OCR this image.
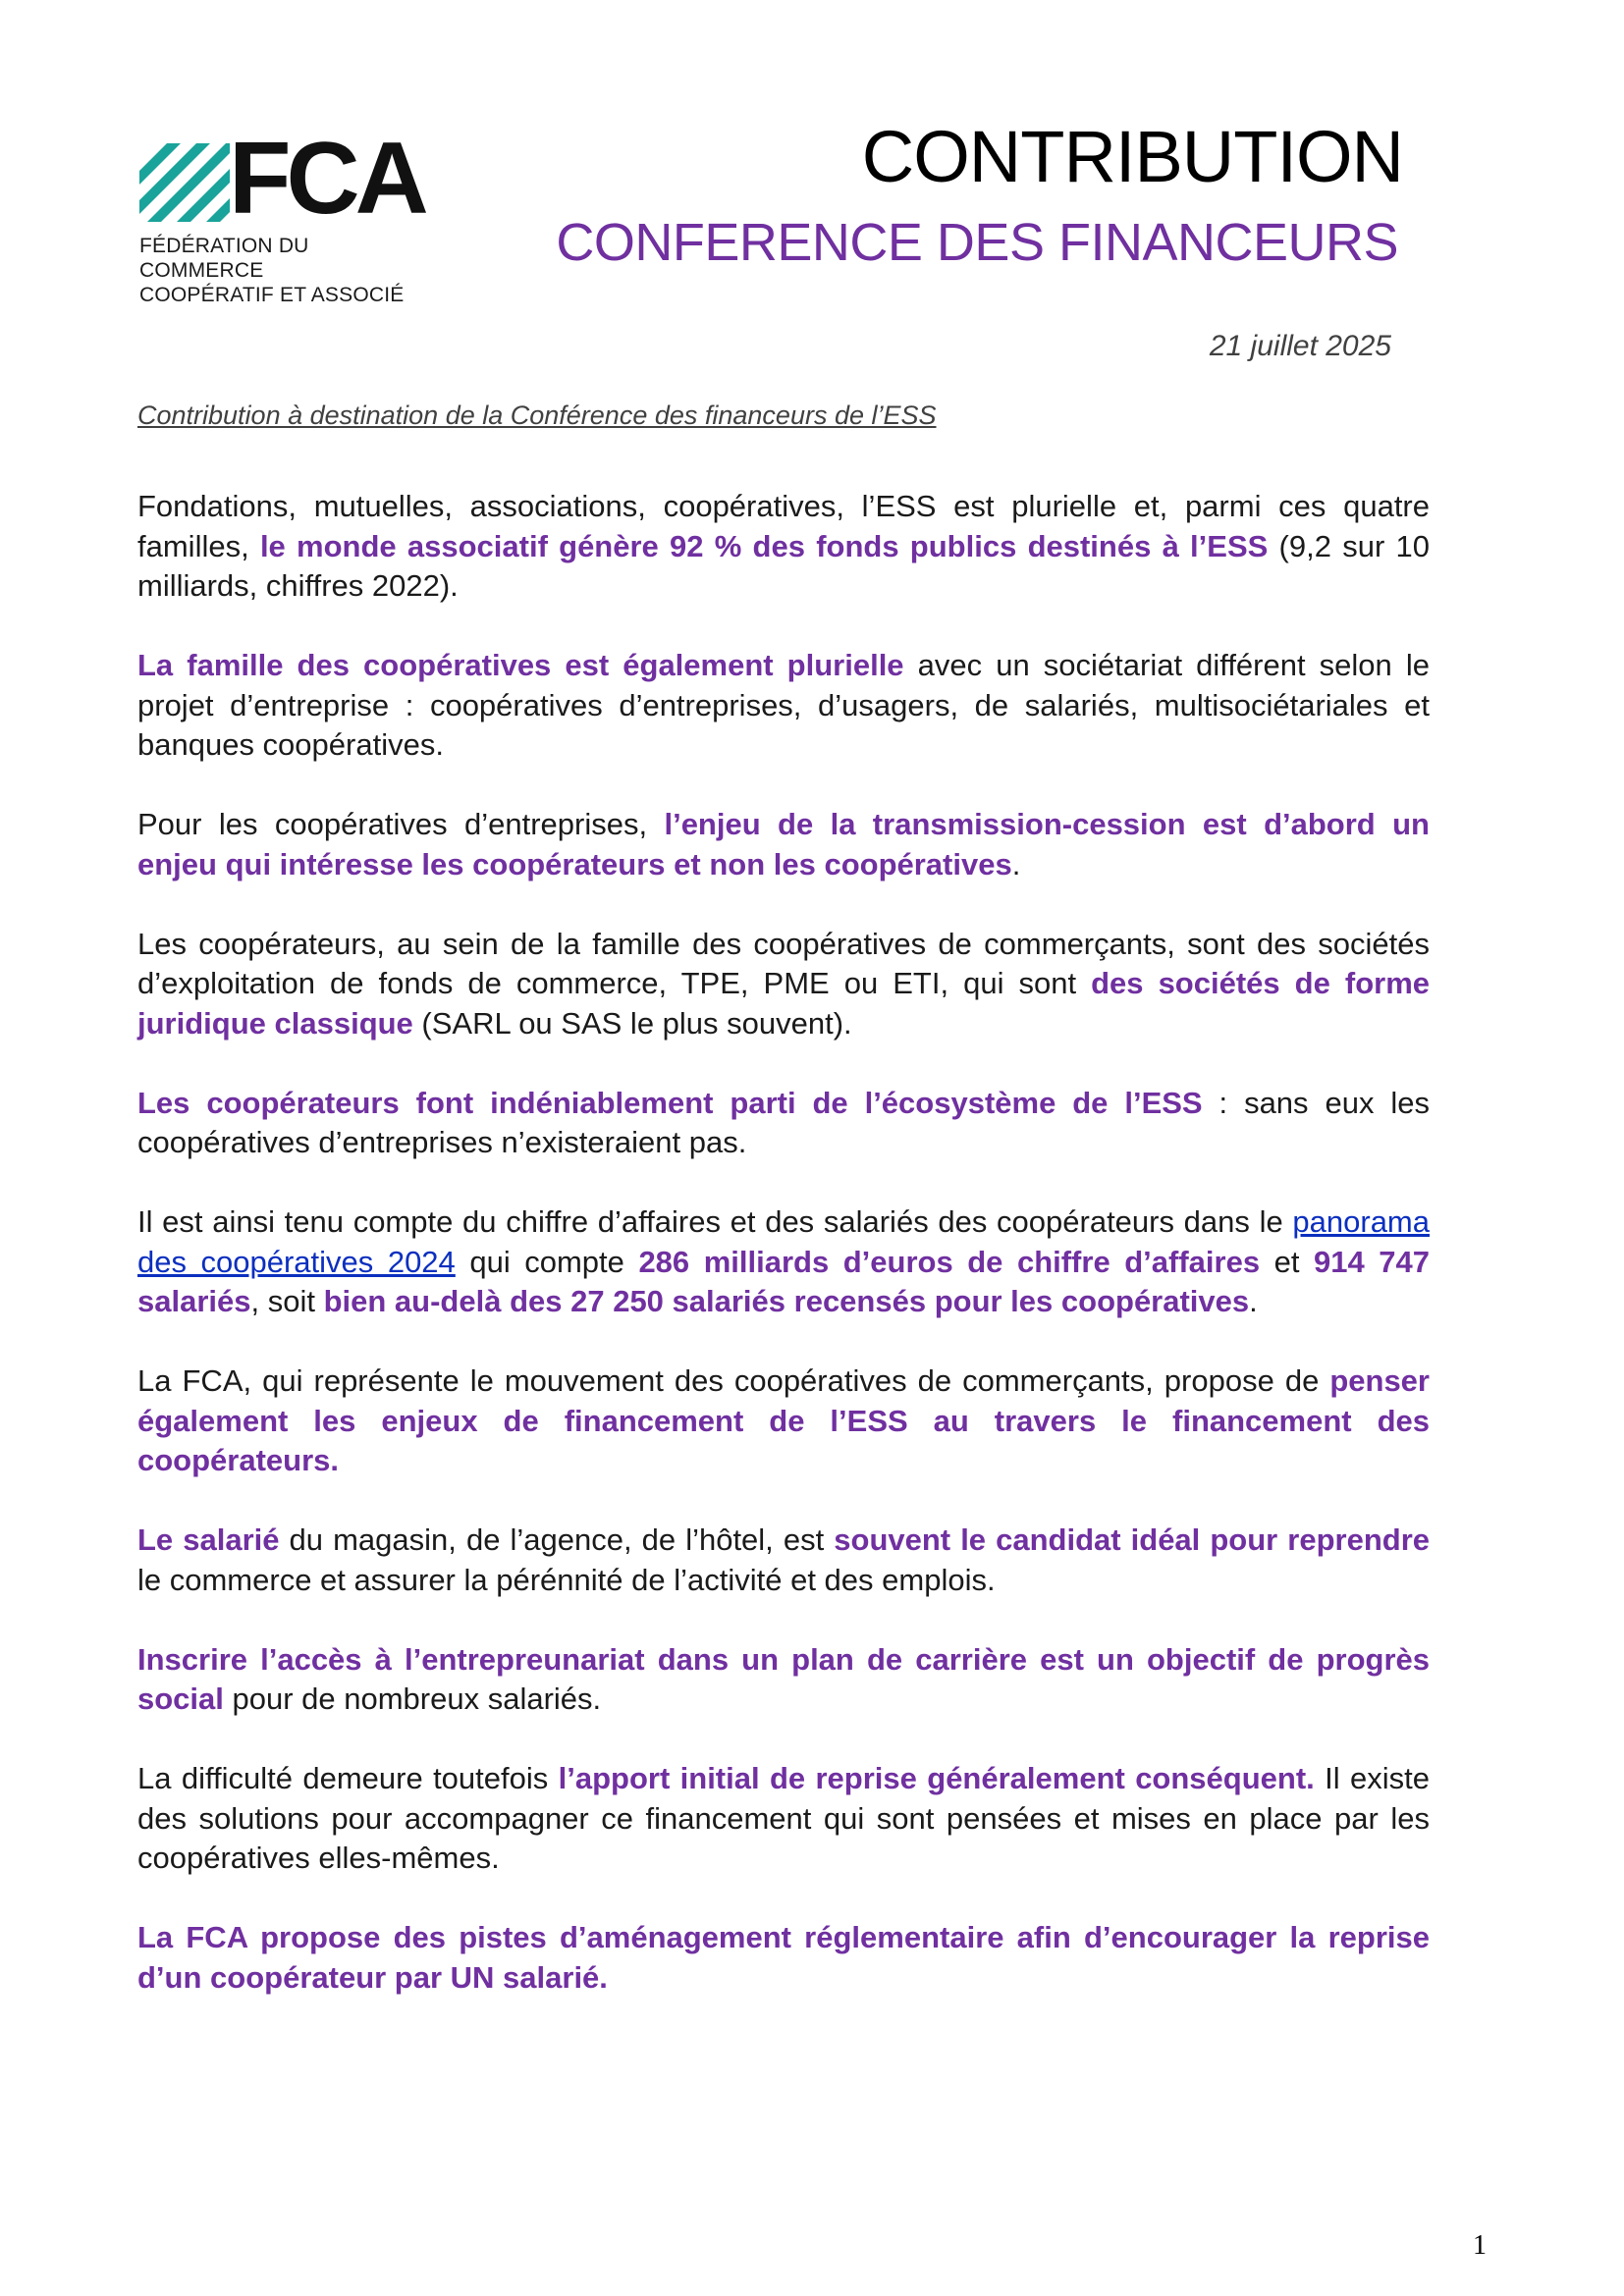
FCA
FÉDÉRATION DU COMMERCE
COOPÉRATIF ET ASSOCIÉ
CONTRIBUTION
CONFERENCE DES FINANCEURS
21 juillet 2025
Contribution à destination de la Conférence des financeurs de l’ESS

Fondations, mutuelles, associations, coopératives, l’ESS est plurielle et, parmi ces quatre familles, le monde associatif génère 92 % des fonds publics destinés à l’ESS (9,2 sur 10 milliards, chiffres 2022).

La famille des coopératives est également plurielle avec un sociétariat différent selon le projet d’entreprise : coopératives d’entreprises, d’usagers, de salariés, multisociétariales et banques coopératives.

Pour les coopératives d’entreprises, l’enjeu de la transmission-cession est d’abord un enjeu qui intéresse les coopérateurs et non les coopératives.

Les coopérateurs, au sein de la famille des coopératives de commerçants, sont des sociétés d’exploitation de fonds de commerce, TPE, PME ou ETI, qui sont des sociétés de forme juridique classique (SARL ou SAS le plus souvent).

Les coopérateurs font indéniablement parti de l’écosystème de l’ESS : sans eux les coopératives d’entreprises n’existeraient pas.

Il est ainsi tenu compte du chiffre d’affaires et des salariés des coopérateurs dans le panorama des coopératives 2024 qui compte 286 milliards d’euros de chiffre d’affaires et 914 747 salariés, soit bien au-delà des 27 250 salariés recensés pour les coopératives.

La FCA, qui représente le mouvement des coopératives de commerçants, propose de penser également les enjeux de financement de l’ESS au travers le financement des coopérateurs.

Le salarié du magasin, de l’agence, de l’hôtel, est souvent le candidat idéal pour reprendre le commerce et assurer la pérénnité de l’activité et des emplois.

Inscrire l’accès à l’entrepreunariat dans un plan de carrière est un objectif de progrès social pour de nombreux salariés.

La difficulté demeure toutefois l’apport initial de reprise généralement conséquent. Il existe des solutions pour accompagner ce financement qui sont pensées et mises en place par les coopératives elles-mêmes.

La FCA propose des pistes d’aménagement réglementaire afin d’encourager la reprise d’un coopérateur par UN salarié.

1
